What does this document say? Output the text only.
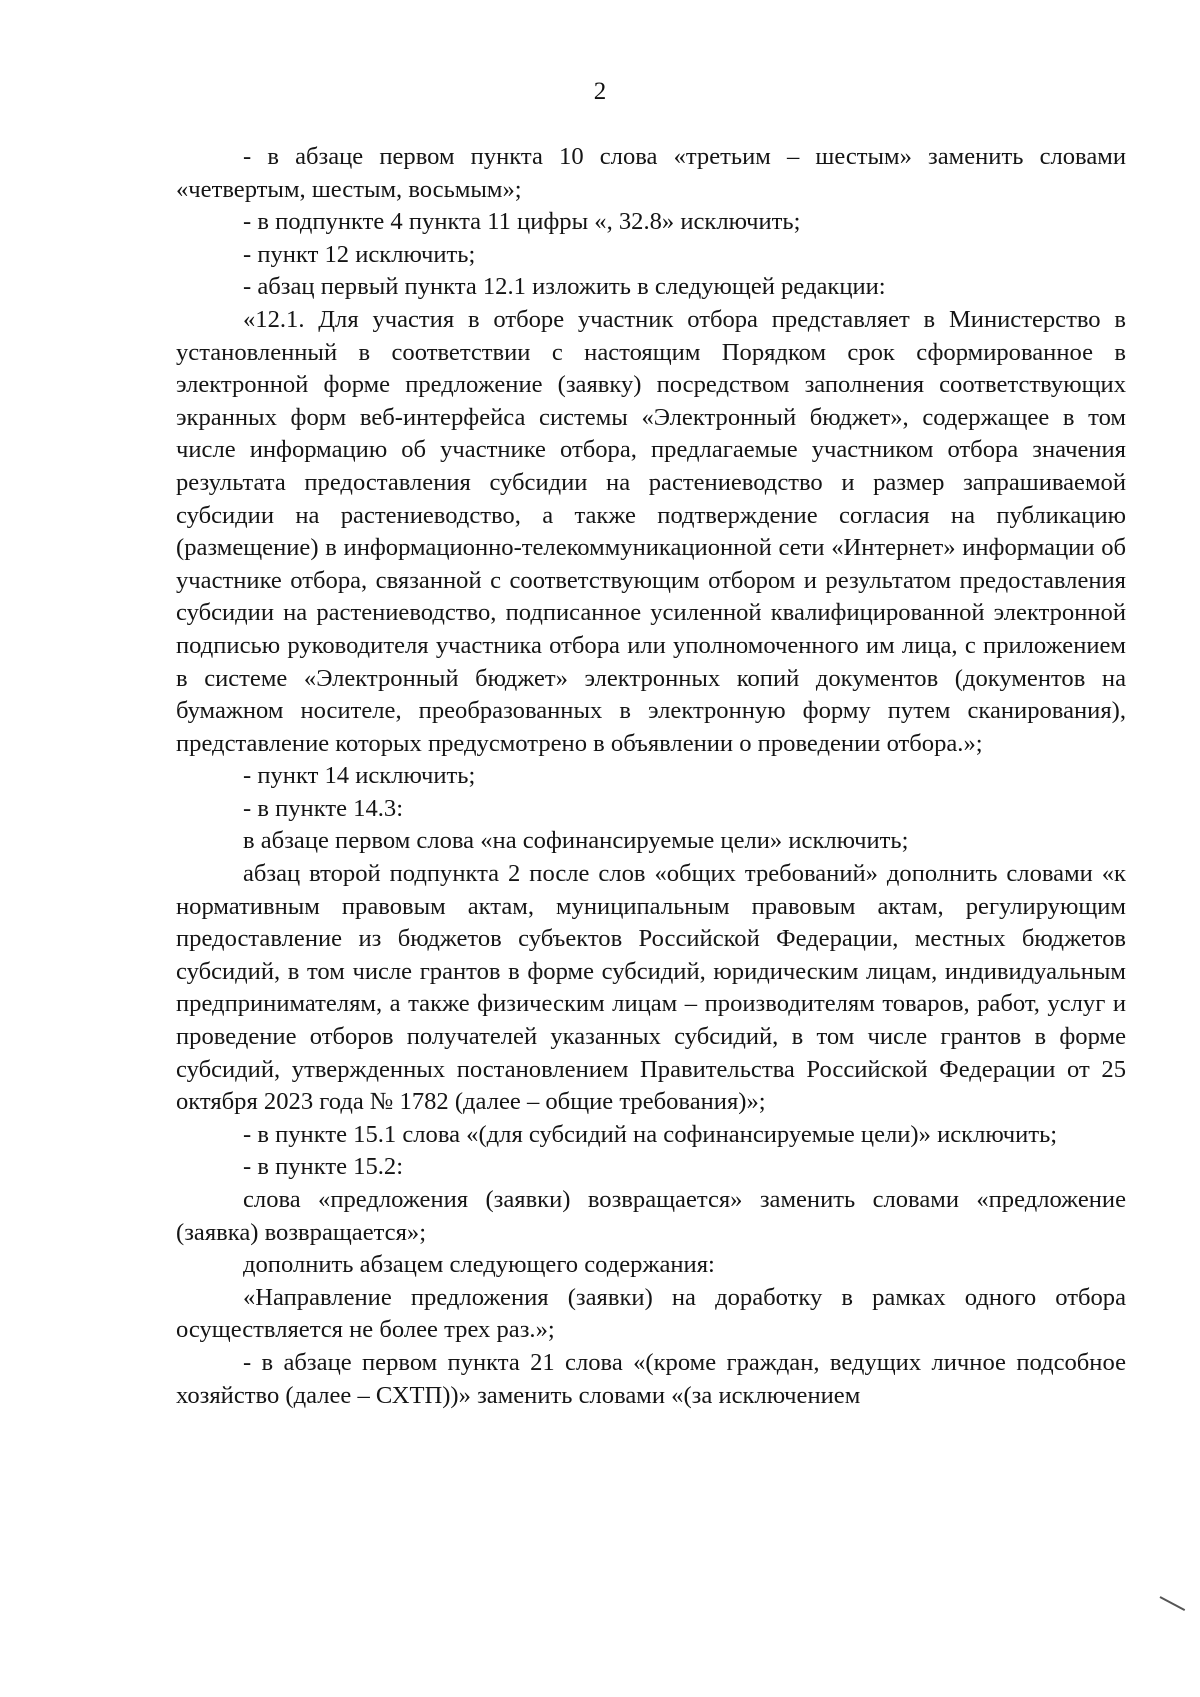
2

- в абзаце первом пункта 10 слова «третьим – шестым» заменить словами «четвертым, шестым, восьмым»;

- в подпункте 4 пункта 11 цифры «, 32.8» исключить;

- пункт 12 исключить;

- абзац первый пункта 12.1 изложить в следующей редакции:

«12.1. Для участия в отборе участник отбора представляет в Министерство в установленный в соответствии с настоящим Порядком срок сформированное в электронной форме предложение (заявку) посредством заполнения соответствующих экранных форм веб-интерфейса системы «Электронный бюджет», содержащее в том числе информацию об участнике отбора, предлагаемые участником отбора значения результата предоставления субсидии на растениеводство и размер запрашиваемой субсидии на растениеводство, а также подтверждение согласия на публикацию (размещение) в информационно-телекоммуникационной сети «Интернет» информации об участнике отбора, связанной с соответствующим отбором и результатом предоставления субсидии на растениеводство, подписанное усиленной квалифицированной электронной подписью руководителя участника отбора или уполномоченного им лица, с приложением в системе «Электронный бюджет» электронных копий документов (документов на бумажном носителе, преобразованных в электронную форму путем сканирования), представление которых предусмотрено в объявлении о проведении отбора.»;

- пункт 14 исключить;

- в пункте 14.3:

в абзаце первом слова «на софинансируемые цели» исключить;

абзац второй подпункта 2 после слов «общих требований» дополнить словами «к нормативным правовым актам, муниципальным правовым актам, регулирующим предоставление из бюджетов субъектов Российской Федерации, местных бюджетов субсидий, в том числе грантов в форме субсидий, юридическим лицам, индивидуальным предпринимателям, а также физическим лицам – производителям товаров, работ, услуг и проведение отборов получателей указанных субсидий, в том числе грантов в форме субсидий, утвержденных постановлением Правительства Российской Федерации от 25 октября 2023 года № 1782 (далее – общие требования)»;

- в пункте 15.1 слова «(для субсидий на софинансируемые цели)» исключить;

- в пункте 15.2:

слова «предложения (заявки) возвращается» заменить словами «предложение (заявка) возвращается»;

дополнить абзацем следующего содержания:

«Направление предложения (заявки) на доработку в рамках одного отбора осуществляется не более трех раз.»;

- в абзаце первом пункта 21 слова «(кроме граждан, ведущих личное подсобное хозяйство (далее – СХТП))» заменить словами «(за исключением
